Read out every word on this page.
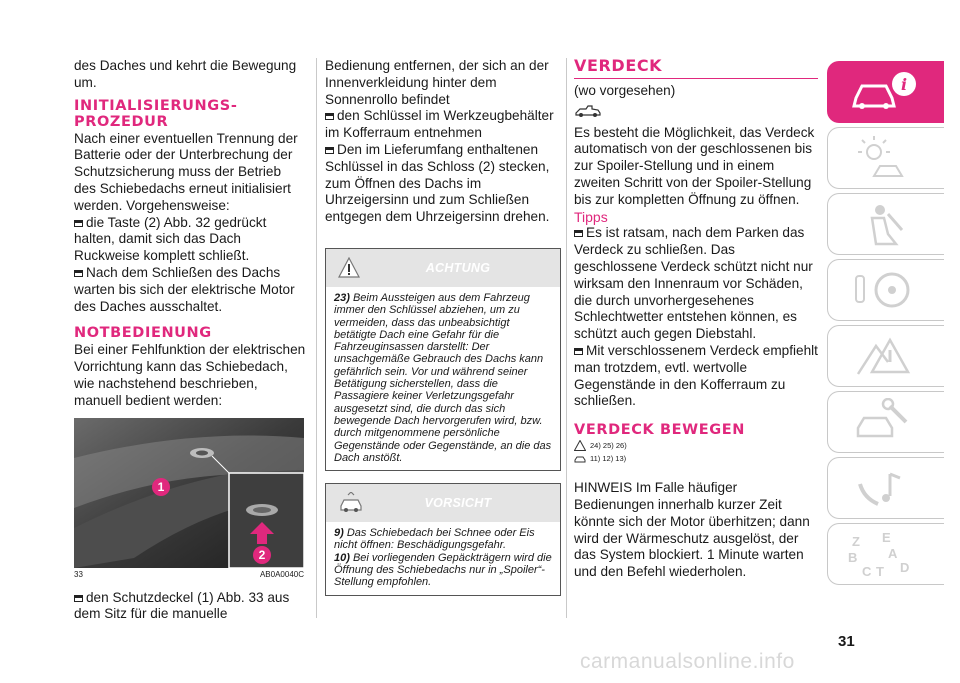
des Daches und kehrt die Bewegung um.

INITIALISIERUNGS-PROZEDUR

Nach einer eventuellen Trennung der Batterie oder der Unterbrechung der Schutzsicherung muss der Betrieb des Schiebedachs erneut initialisiert werden. Vorgehensweise:

die Taste (2) Abb. 32 gedrückt halten, damit sich das Dach Ruckweise komplett schließt.

Nach dem Schließen des Dachs warten bis sich der elektrische Motor des Daches ausschaltet.

NOTBEDIENUNG

Bei einer Fehlfunktion der elektrischen Vorrichtung kann das Schiebedach, wie nachstehend beschrieben, manuell bedient werden:

1
2
33	AB0A0040C

den Schutzdeckel (1) Abb. 33 aus dem Sitz für die manuelle

Bedienung entfernen, der sich an der Innenverkleidung hinter dem Sonnenrollo befindet

den Schlüssel im Werkzeugbehälter im Kofferraum entnehmen

Den im Lieferumfang enthaltenen Schlüssel in das Schloss (2) stecken, zum Öffnen des Dachs im Uhrzeigersinn und zum Schließen entgegen dem Uhrzeigersinn drehen.

ACHTUNG
23) Beim Aussteigen aus dem Fahrzeug immer den Schlüssel abziehen, um zu vermeiden, dass das unbeabsichtigt betätigte Dach eine Gefahr für die Fahrzeuginsassen darstellt: Der unsachgemäße Gebrauch des Dachs kann gefährlich sein. Vor und während seiner Betätigung sicherstellen, dass die Passagiere keiner Verletzungsgefahr ausgesetzt sind, die durch das sich bewegende Dach hervorgerufen wird, bzw. durch mitgenommene persönliche Gegenstände oder Gegenstände, an die das Dach anstößt.
VORSICHT

9) Das Schiebedach bei Schnee oder Eis nicht öffnen: Beschädigungsgefahr.

10) Bei vorliegenden Gepäckträgern wird die Öffnung des Schiebedachs nur in „Spoiler“-Stellung empfohlen.

VERDECK

(wo vorgesehen)

Es besteht die Möglichkeit, das Verdeck automatisch von der geschlossenen bis zur Spoiler-Stellung und in einem zweiten Schritt von der Spoiler-Stellung bis zur kompletten Öffnung zu öffnen.

Tipps

Es ist ratsam, nach dem Parken das Verdeck zu schließen. Das geschlossene Verdeck schützt nicht nur wirksam den Innenraum vor Schäden, die durch unvorhergesehenes Schlechtwetter entstehen können, es schützt auch gegen Diebstahl.

Mit verschlossenem Verdeck empfiehlt man trotzdem, evtl. wertvolle Gegenstände in den Kofferraum zu schließen.

VERDECK BEWEGEN
24) 25) 26)
11) 12) 13)

HINWEIS Im Falle häufiger Bedienungen innerhalb kurzer Zeit könnte sich der Motor überhitzen; dann wird der Wärmeschutz ausgelöst, der das System blockiert. 1 Minute warten und den Befehl wiederholen.

i
Z E
B A
C D
T
31
carmanualsonline.info
